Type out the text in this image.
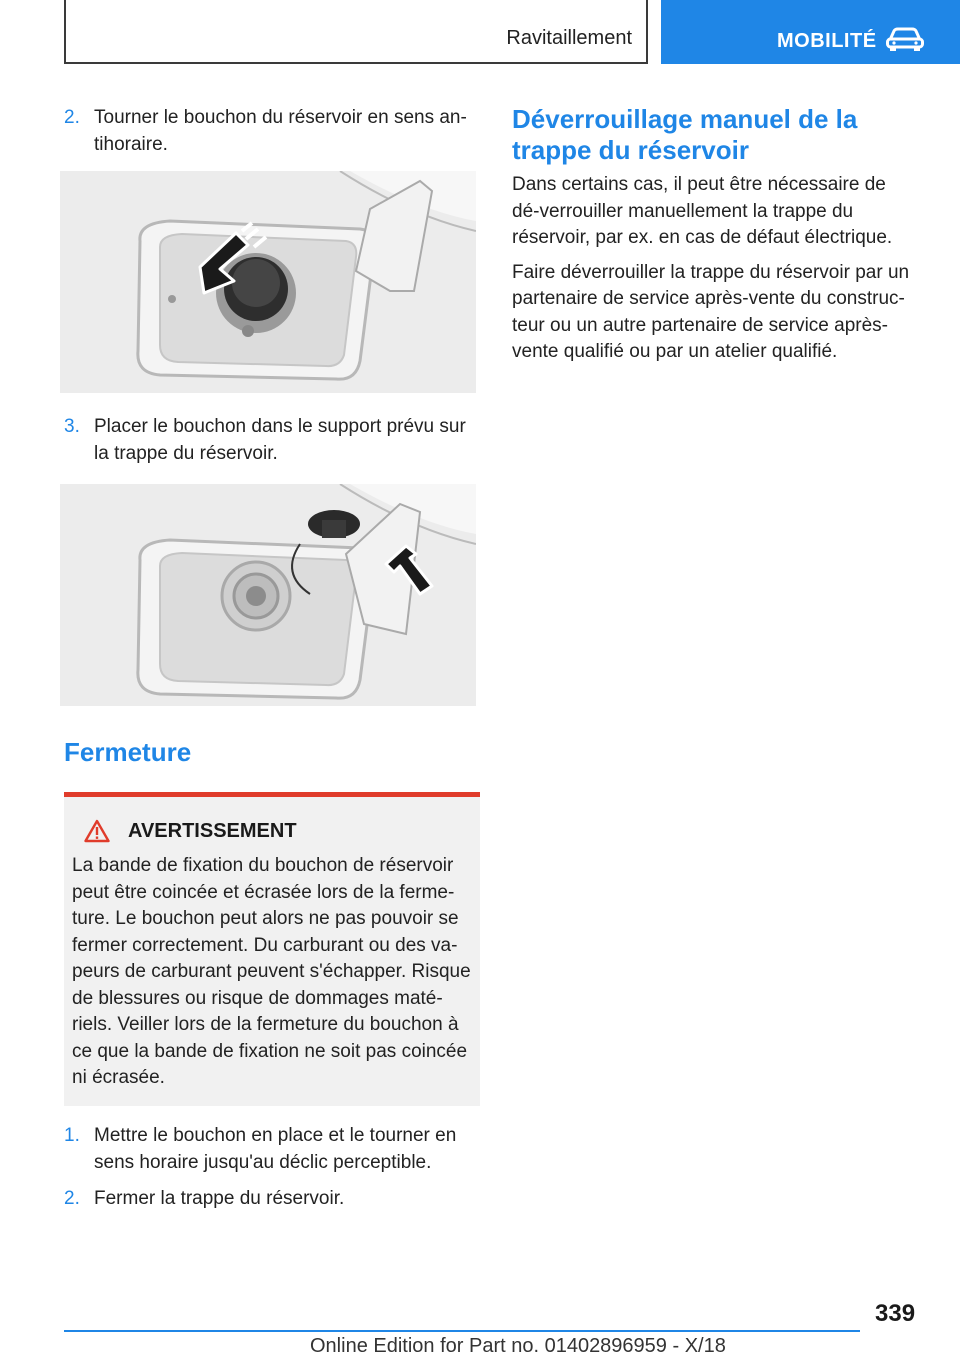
Ravitaillement	MOBILITÉ
2. Tourner le bouchon du réservoir en sens an-tihoraire.
3. Placer le bouchon dans le support prévu sur la trappe du réservoir.
Fermeture
AVERTISSEMENT
La bande de fixation du bouchon de réservoir peut être coincée et écrasée lors de la ferme-ture. Le bouchon peut alors ne pas pouvoir se fermer correctement. Du carburant ou des va-peurs de carburant peuvent s'échapper. Risque de blessures ou risque de dommages maté-riels. Veiller lors de la fermeture du bouchon à ce que la bande de fixation ne soit pas coincée ni écrasée.
1. Mettre le bouchon en place et le tourner en sens horaire jusqu'au déclic perceptible.
2. Fermer la trappe du réservoir.
Déverrouillage manuel de la trappe du réservoir
Dans certains cas, il peut être nécessaire de dé-verrouiller manuellement la trappe du réservoir, par ex. en cas de défaut électrique.
Faire déverrouiller la trappe du réservoir par un partenaire de service après-vente du construc-teur ou un autre partenaire de service après-vente qualifié ou par un atelier qualifié.
339
Online Edition for Part no. 01402896959 - X/18
